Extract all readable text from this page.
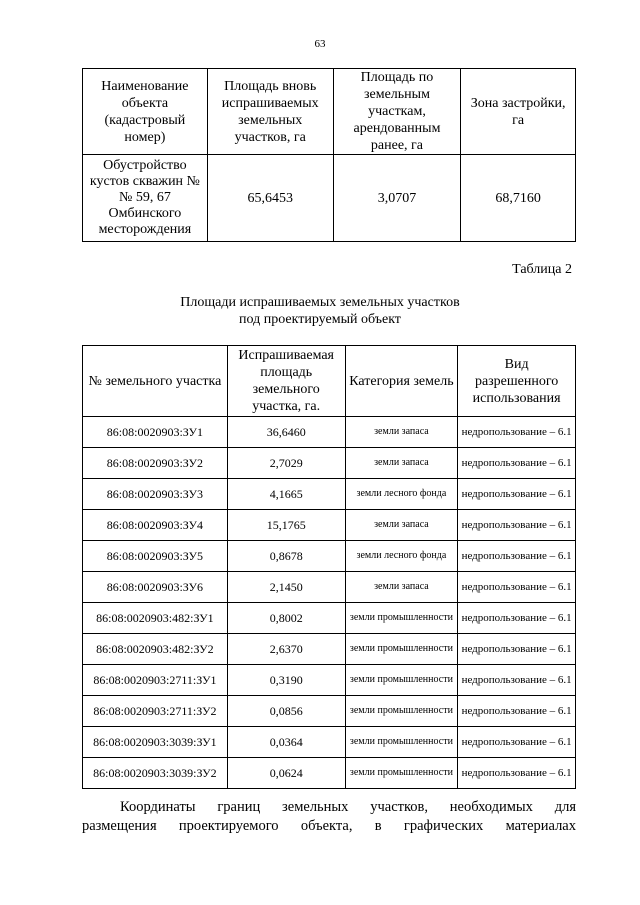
63
Наименование объекта (кадастровый номер)	Площадь вновь испрашиваемых земельных участков, га	Площадь по земельным участкам, арендованным ранее, га	Зона застройки, га
Обустройство кустов скважин №№ 59, 67 Омбинского месторождения	65,6453	3,0707	68,7160
Таблица 2
Площади испрашиваемых земельных участков
под проектируемый объект
№ земельного участка	Испрашиваемая площадь земельного участка, га.	Категория земель	Вид разрешенного использования
86:08:0020903:ЗУ1	36,6460	земли запаса	недропользование – 6.1
86:08:0020903:ЗУ2	2,7029	земли запаса	недропользование – 6.1
86:08:0020903:ЗУ3	4,1665	земли лесного фонда	недропользование – 6.1
86:08:0020903:ЗУ4	15,1765	земли запаса	недропользование – 6.1
86:08:0020903:ЗУ5	0,8678	земли лесного фонда	недропользование – 6.1
86:08:0020903:ЗУ6	2,1450	земли запаса	недропользование – 6.1
86:08:0020903:482:ЗУ1	0,8002	земли промышленности	недропользование – 6.1
86:08:0020903:482:ЗУ2	2,6370	земли промышленности	недропользование – 6.1
86:08:0020903:2711:ЗУ1	0,3190	земли промышленности	недропользование – 6.1
86:08:0020903:2711:ЗУ2	0,0856	земли промышленности	недропользование – 6.1
86:08:0020903:3039:ЗУ1	0,0364	земли промышленности	недропользование – 6.1
86:08:0020903:3039:ЗУ2	0,0624	земли промышленности	недропользование – 6.1
Координаты границ земельных участков, необходимых для
размещения проектируемого объекта, в графических материалах
